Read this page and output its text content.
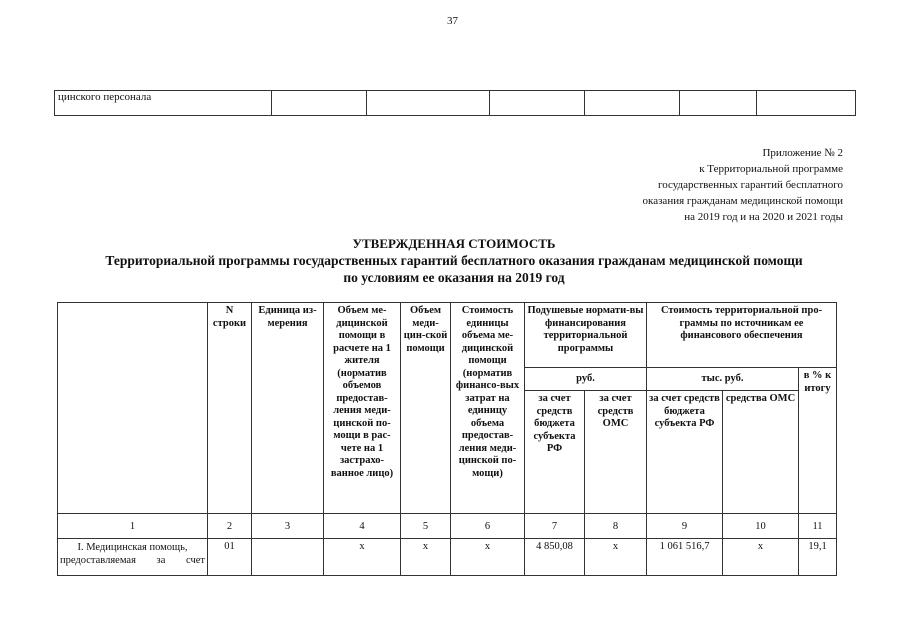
37
цинского персонала						
Приложение № 2
к Территориальной программе
государственных гарантий бесплатного
оказания гражданам медицинской помощи
на 2019 год и на 2020 и 2021 годы
УТВЕРЖДЕННАЯ СТОИМОСТЬ
Территориальной программы государственных гарантий бесплатного оказания гражданам медицинской помощи
по условиям ее оказания на 2019 год
	N строки	Единица из-мерения	Объем ме-дицинской помощи в расчете на 1 жителя (норматив объемов предостав-ления меди-цинской по-мощи в рас-чете на 1 застрахо-ванное лицо)	Объем меди-цин-ской помощи	Стоимость единицы объема ме-дицинской помощи (норматив финансо-вых затрат на единицу объема предостав-ления меди-цинской по-мощи)	Подушевые нормати-вы финансирования территориальной программы		Стоимость территориальной про-граммы по источникам ее финансового обеспечения		
						руб.		тыс. руб.		в % к итогу
						за счет средств бюджета субъекта РФ	за счет средств ОМС	за счет средств бюджета субъекта РФ	средства ОМС	
1	2	3	4	5	6	7	8	9	10	11
I. Медицинская помощь, предоставляемая за счет	01		х	х	х	4 850,08	х	1 061 516,7	х	19,1
